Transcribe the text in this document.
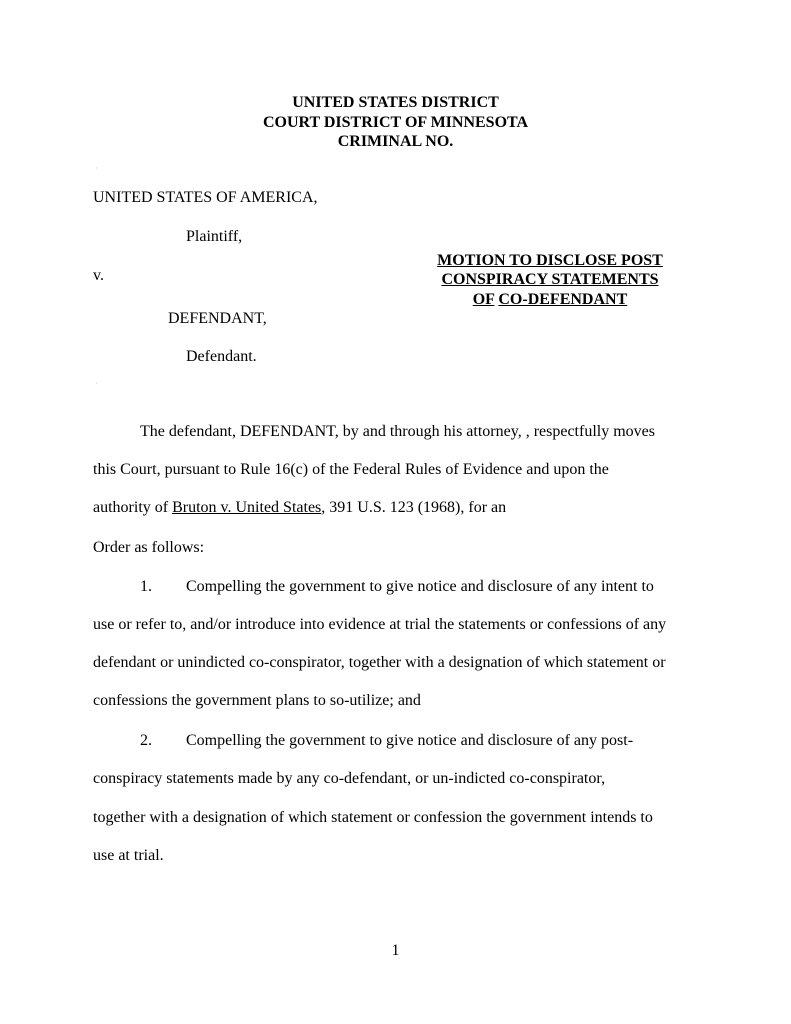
UNITED STATES DISTRICT
COURT DISTRICT OF MINNESOTA
CRIMINAL NO.
'
UNITED STATES OF AMERICA,
Plaintiff,
v.
DEFENDANT,
Defendant.
MOTION TO DISCLOSE POST
CONSPIRACY STATEMENTS
OF CO-DEFENDANT
'
The defendant, DEFENDANT, by and through his attorney, , respectfully moves
this Court, pursuant to Rule 16(c) of the Federal Rules of Evidence and upon the
authority of Bruton v. United States, 391 U.S. 123 (1968), for an
Order as follows:
1. Compelling the government to give notice and disclosure of any intent to
use or refer to, and/or introduce into evidence at trial the statements or confessions of any
defendant or unindicted co-conspirator, together with a designation of which statement or
confessions the government plans to so-utilize; and
2. Compelling the government to give notice and disclosure of any post-
conspiracy statements made by any co-defendant, or un-indicted co-conspirator,
together with a designation of which statement or confession the government intends to
use at trial.
1
